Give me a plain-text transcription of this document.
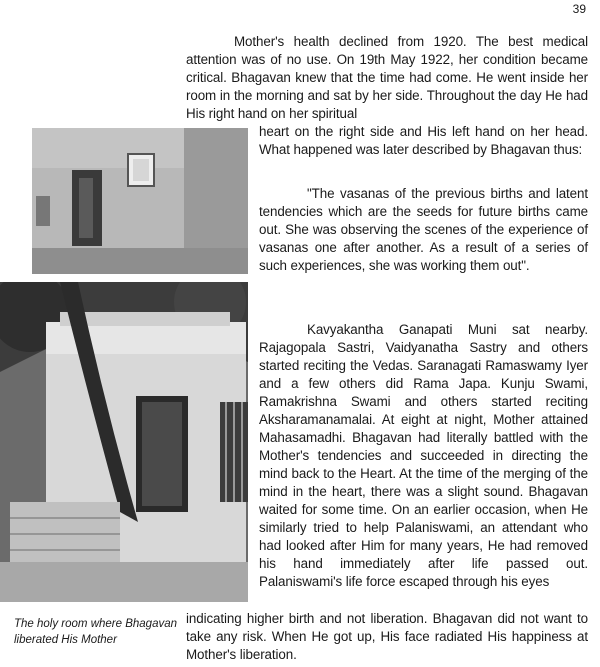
39

Mother's health declined from 1920. The best medical attention was of no use. On 19th May 1922, her condition became critical. Bhagavan knew that the time had come. He went inside her room in the morning and sat by her side. Throughout the day He had His right hand on her spiritual

heart on the right side and His left hand on her head. What happened was later described by Bhagavan thus:

"The vasanas of the previous births and latent tendencies which are the seeds for future births came out. She was observing the scenes of the experience of vasanas one after another. As a result of a series of such experiences, she was working them out".

Kavyakantha Ganapati Muni sat nearby. Rajagopala Sastri, Vaidyanatha Sastry and others started reciting the Vedas. Saranagati Ramaswamy Iyer and a few others did Rama Japa. Kunju Swami, Ramakrishna Swami and others started reciting Aksharamanamalai. At eight at night, Mother attained Mahasamadhi. Bhagavan had literally battled with the Mother's tendencies and succeeded in directing the mind back to the Heart. At the time of the merging of the mind in the heart, there was a slight sound. Bhagavan waited for some time. On an earlier occasion, when He similarly tried to help Palaniswami, an attendant who had looked after Him for many years, He had removed his hand immediately after life passed out. Palaniswami's life force escaped through his eyes

indicating higher birth and not liberation. Bhagavan did not want to take any risk. When He got up, His face radiated His happiness at Mother's liberation.

The holy room where Bhagavan liberated His Mother
